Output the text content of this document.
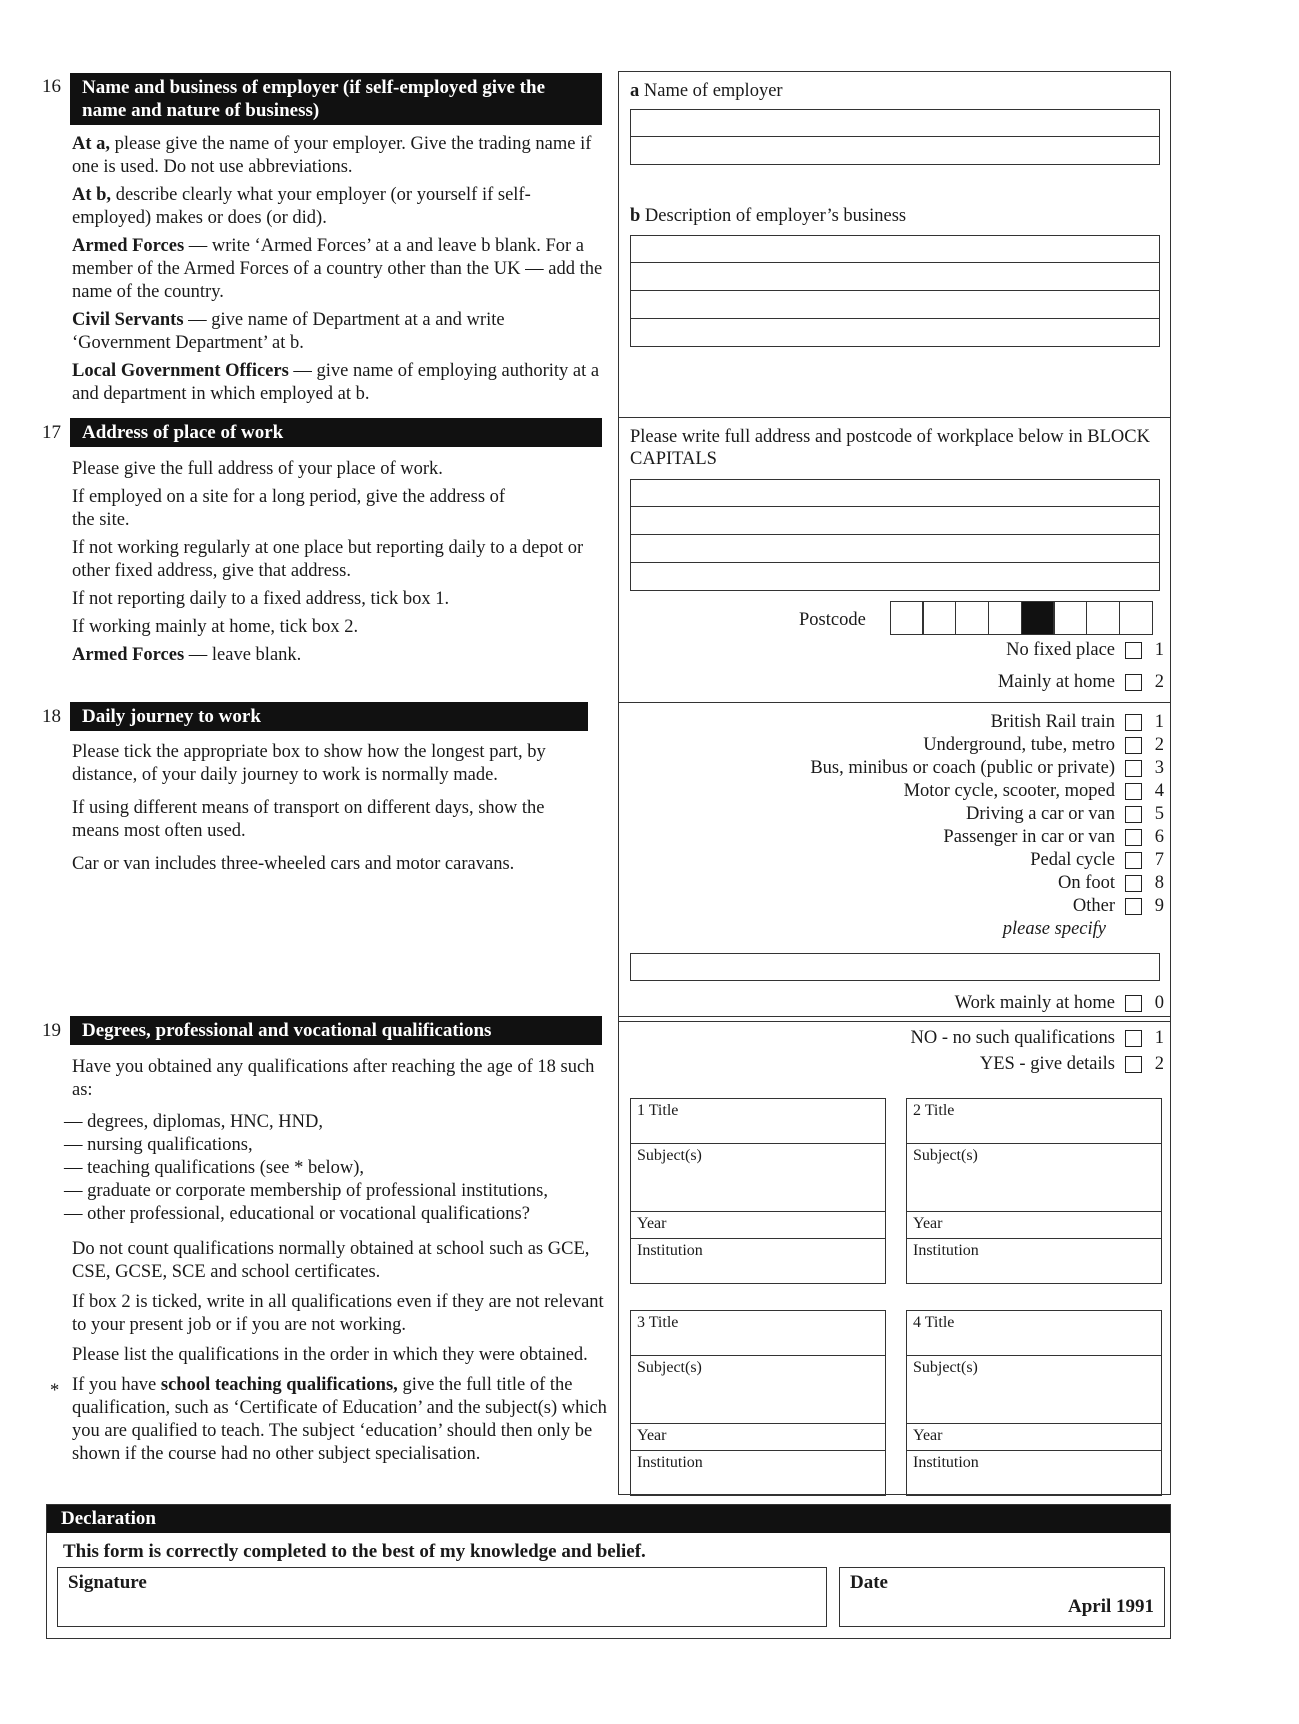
16	Name and business of employer (if self-employed give the name and nature of business)

At a, please give the name of your employer. Give the trading name if one is used. Do not use abbreviations.

At b, describe clearly what your employer (or yourself if self-employed) makes or does (or did).

Armed Forces — write ‘Armed Forces’ at a and leave b blank. For a member of the Armed Forces of a country other than the UK — add the name of the country.

Civil Servants — give name of Department at a and write ‘Government Department’ at b.

Local Government Officers — give name of employing authority at a and department in which employed at b.

a Name of employer
b Description of employer’s business
17	Address of place of work

Please give the full address of your place of work.

If employed on a site for a long period, give the address of the site.

If not working regularly at one place but reporting daily to a depot or other fixed address, give that address.

If not reporting daily to a fixed address, tick box 1.

If working mainly at home, tick box 2.

Armed Forces — leave blank.

Please write full address and postcode of workplace below in BLOCK CAPITALS
Postcode
No fixed place	1
Mainly at home	2
18	Daily journey to work

Please tick the appropriate box to show how the longest part, by distance, of your daily journey to work is normally made.

If using different means of transport on different days, show the means most often used.

Car or van includes three-wheeled cars and motor caravans.

British Rail train	1
Underground, tube, metro	2
Bus, minibus or coach (public or private)	3
Motor cycle, scooter, moped	4
Driving a car or van	5
Passenger in car or van	6
Pedal cycle	7
On foot	8
Other	9
please specify
Work mainly at home	0
19	Degrees, professional and vocational qualifications

Have you obtained any qualifications after reaching the age of 18 such as:

— degrees, diplomas, HNC, HND,
— nursing qualifications,
— teaching qualifications (see * below),
— graduate or corporate membership of professional institutions,
— other professional, educational or vocational qualifications?

Do not count qualifications normally obtained at school such as GCE, CSE, GCSE, SCE and school certificates.

If box 2 is ticked, write in all qualifications even if they are not relevant to your present job or if you are not working.

Please list the qualifications in the order in which they were obtained.

If you have school teaching qualifications, give the full title of the qualification, such as ‘Certificate of Education’ and the subject(s) which you are qualified to teach. The subject ‘education’ should then only be shown if the course had no other subject specialisation.

*
NO - no such qualifications	1
YES - give details	2
1 Title
Subject(s)
Year
Institution
2 Title
Subject(s)
Year
Institution
3 Title
Subject(s)
Year
Institution
4 Title
Subject(s)
Year
Institution
Declaration
This form is correctly completed to the best of my knowledge and belief.
Signature	Date
April 1991
